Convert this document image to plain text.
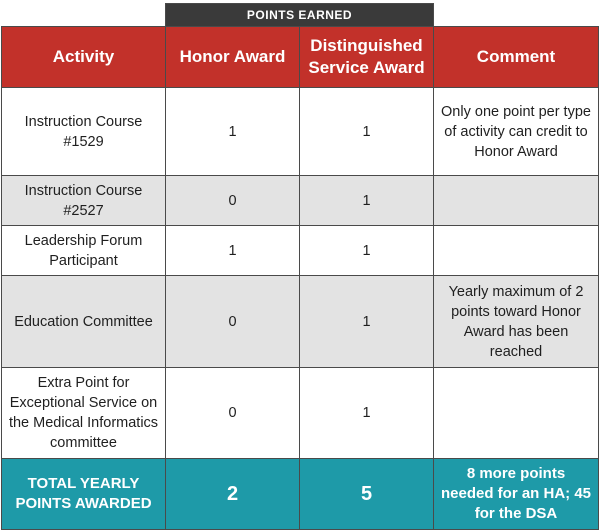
	POINTS EARNED		
Activity	Honor Award	Distinguished Service Award	Comment
Instruction Course #1529	1	1	Only one point per type of activity can credit to Honor Award
Instruction Course #2527	0	1	
Leadership Forum Participant	1	1	
Education Committee	0	1	Yearly maximum of 2 points toward Honor Award has been reached
Extra Point for Exceptional Service on the Medical Informatics committee	0	1	
TOTAL YEARLY POINTS AWARDED	2	5	8 more points needed for an HA; 45 for the DSA
